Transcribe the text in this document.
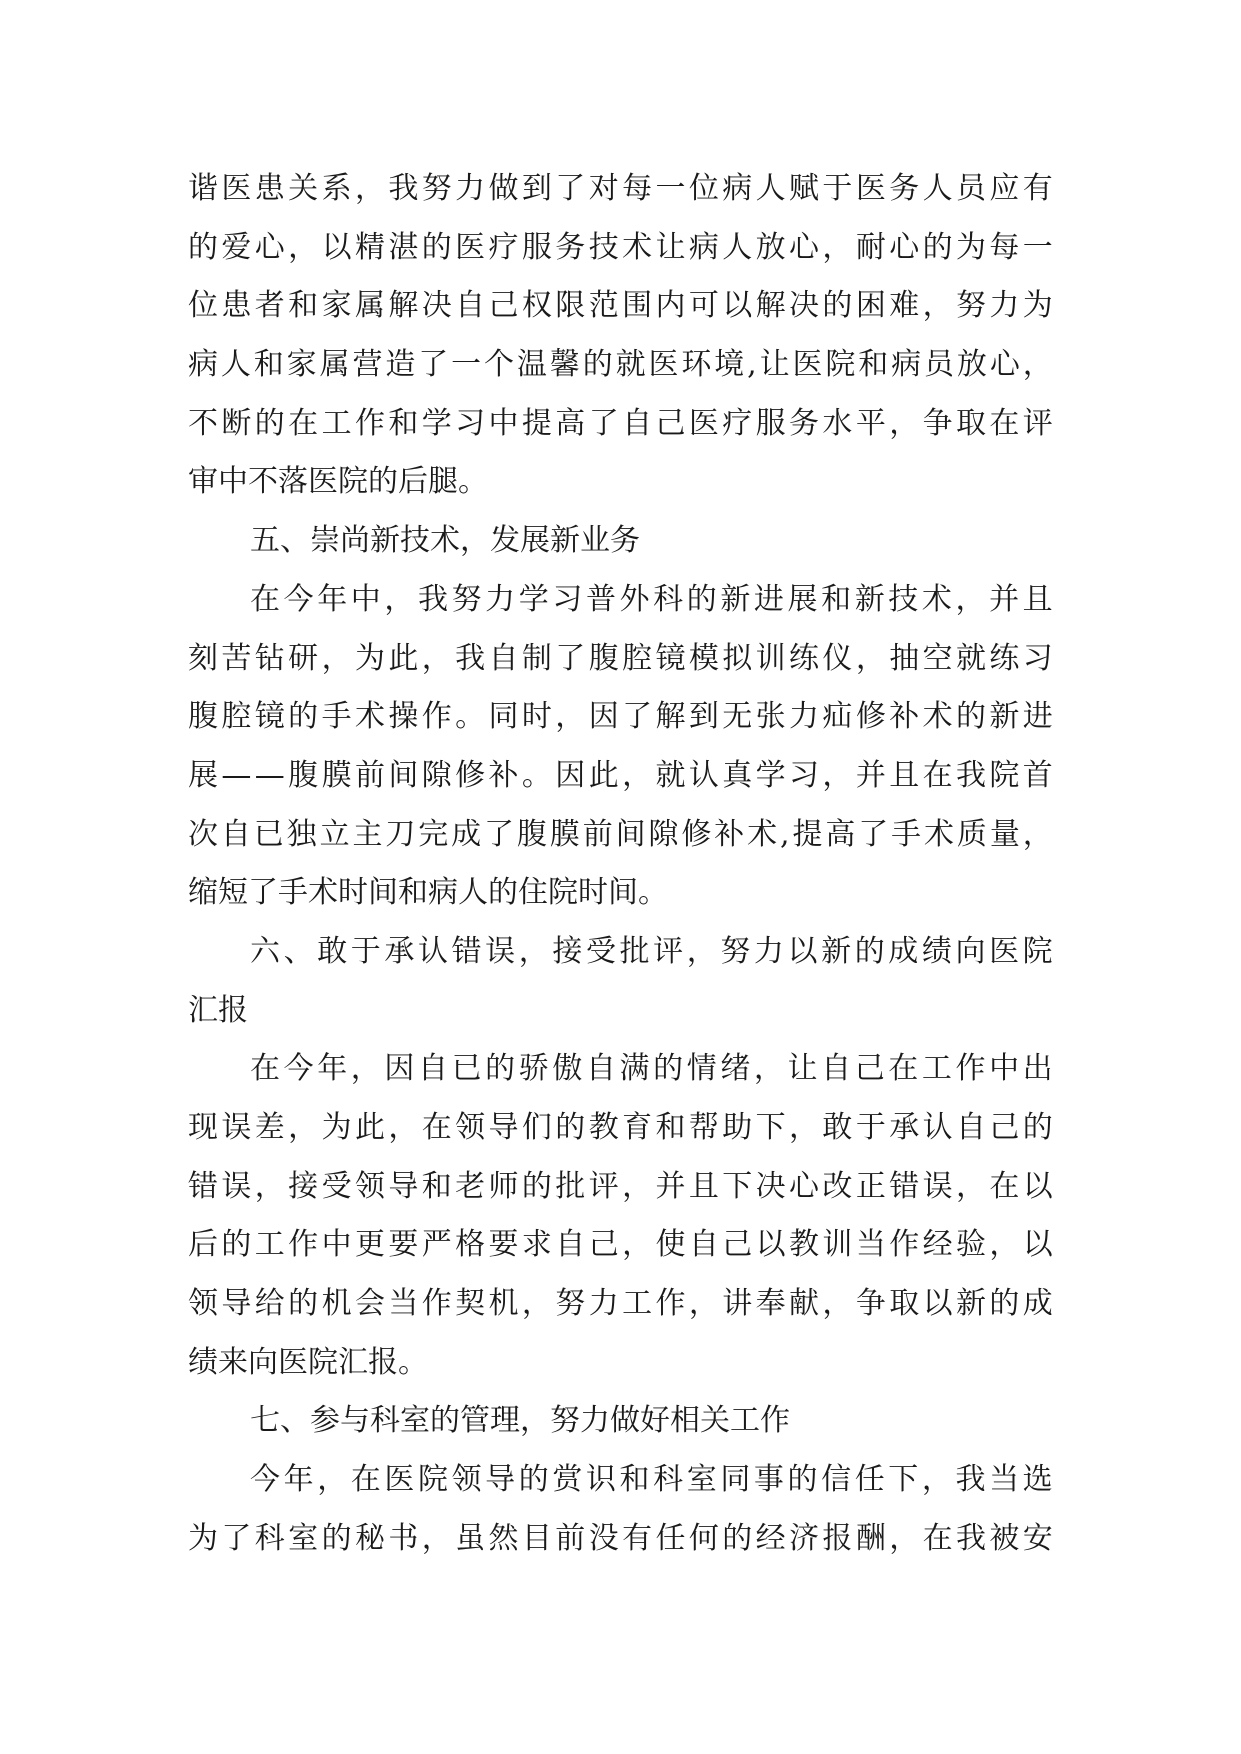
谐 医 患 关 系 ， 我 努 力 做 到 了 对 每 一 位 病 人 赋 于 医 务 人 员 应 有
的 爱 心 ， 以 精 湛 的 医 疗 服 务 技 术 让 病 人 放 心 ， 耐 心 的 为 每 一
位 患 者 和 家 属 解 决 自 己 权 限 范 围 内 可 以 解 决 的 困 难 ， 努 力 为
病 人 和 家 属 营 造 了 一 个 温 馨 的 就 医 环 境 , 让 医 院 和 病 员 放 心 ，
不 断 的 在 工 作 和 学 习 中 提 高 了 自 己 医 疗 服 务 水 平 ， 争 取 在 评
审中不落医院的后腿。
五、崇尚新技术，发展新业务
在 今 年 中 ， 我 努 力 学 习 普 外 科 的 新 进 展 和 新 技 术 ， 并 且
刻 苦 钻 研 ， 为 此 ， 我 自 制 了 腹 腔 镜 模 拟 训 练 仪 ， 抽 空 就 练 习
腹 腔 镜 的 手 术 操 作 。 同 时 ， 因 了 解 到 无 张 力 疝 修 补 术 的 新 进
展 — — 腹 膜 前 间 隙 修 补 。 因 此 ， 就 认 真 学 习 ， 并 且 在 我 院 首
次 自 已 独 立 主 刀 完 成 了 腹 膜 前 间 隙 修 补 术 , 提 高 了 手 术 质 量 ，
缩短了手术时间和病人的住院时间。
六 、 敢 于 承 认 错 误 ， 接 受 批 评 ， 努 力 以 新 的 成 绩 向 医 院
汇报
在 今 年 ， 因 自 已 的 骄 傲 自 满 的 情 绪 ， 让 自 己 在 工 作 中 出
现 误 差 ， 为 此 ， 在 领 导 们 的 教 育 和 帮 助 下 ， 敢 于 承 认 自 己 的
错 误 ， 接 受 领 导 和 老 师 的 批 评 ， 并 且 下 决 心 改 正 错 误 ， 在 以
后 的 工 作 中 更 要 严 格 要 求 自 己 ， 使 自 己 以 教 训 当 作 经 验 ， 以
领 导 给 的 机 会 当 作 契 机 ， 努 力 工 作 ， 讲 奉 献 ， 争 取 以 新 的 成
绩来向医院汇报。
七、参与科室的管理，努力做好相关工作
今 年 ， 在 医 院 领 导 的 赏 识 和 科 室 同 事 的 信 任 下 ， 我 当 选
为 了 科 室 的 秘 书 ， 虽 然 目 前 没 有 任 何 的 经 济 报 酬 ， 在 我 被 安
